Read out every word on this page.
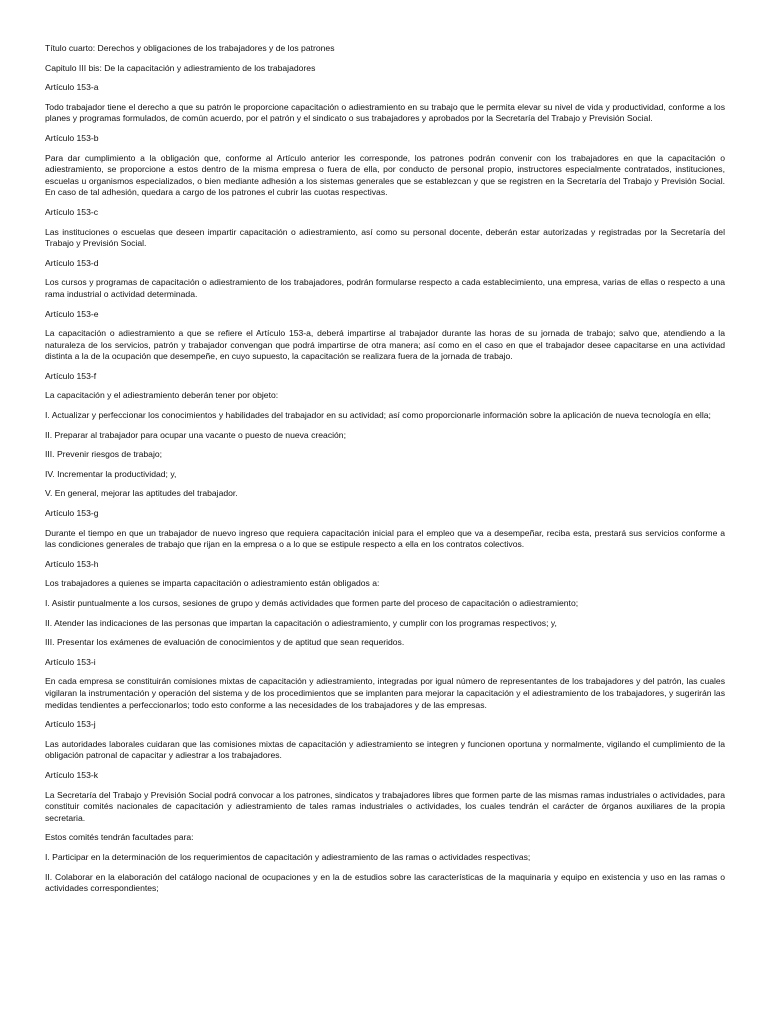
Título cuarto: Derechos y obligaciones de los trabajadores y de los patrones

Capitulo III bis: De la capacitación y adiestramiento de los trabajadores

Artículo 153-a

Todo trabajador tiene el derecho a que su patrón le proporcione capacitación o adiestramiento en su trabajo que le permita elevar su nivel de vida y productividad, conforme a los planes y programas formulados, de común acuerdo, por el patrón y el sindicato o sus trabajadores y aprobados por la Secretaría del Trabajo y Previsión Social.

Artículo 153-b

Para dar cumplimiento a la obligación que, conforme al Artículo anterior les corresponde, los patrones podrán convenir con los trabajadores en que la capacitación o adiestramiento, se proporcione a estos dentro de la misma empresa o fuera de ella, por conducto de personal propio, instructores especialmente contratados, instituciones, escuelas u organismos especializados, o bien mediante adhesión a los sistemas generales que se establezcan y que se registren en la Secretaría del Trabajo y Previsión Social. En caso de tal adhesión, quedara a cargo de los patrones el cubrir las cuotas respectivas.

Artículo 153-c

Las instituciones o escuelas que deseen impartir capacitación o adiestramiento, así como su personal docente, deberán estar autorizadas y registradas por la Secretaría del Trabajo y Previsión Social.

Artículo 153-d

Los cursos y programas de capacitación o adiestramiento de los trabajadores, podrán formularse respecto a cada establecimiento, una empresa, varias de ellas o respecto a una rama industrial o actividad determinada.

Artículo 153-e

La capacitación o adiestramiento a que se refiere el Artículo 153-a, deberá impartirse al trabajador durante las horas de su jornada de trabajo; salvo que, atendiendo a la naturaleza de los servicios, patrón y trabajador convengan que podrá impartirse de otra manera; así como en el caso en que el trabajador desee capacitarse en una actividad distinta a la de la ocupación que desempeñe, en cuyo supuesto, la capacitación se realizara fuera de la jornada de trabajo.

Artículo 153-f

La capacitación y el adiestramiento deberán tener por objeto:

I. Actualizar y perfeccionar los conocimientos y habilidades del trabajador en su actividad; así como proporcionarle información sobre la aplicación de nueva tecnología en ella;

II. Preparar al trabajador para ocupar una vacante o puesto de nueva creación;

III. Prevenir riesgos de trabajo;

IV. Incrementar la productividad; y,

V. En general, mejorar las aptitudes del trabajador.

Artículo 153-g

Durante el tiempo en que un trabajador de nuevo ingreso que requiera capacitación inicial para el empleo que va a desempeñar, reciba esta, prestará sus servicios conforme a las condiciones generales de trabajo que rijan en la empresa o a lo que se estipule respecto a ella en los contratos colectivos.

Artículo 153-h

Los trabajadores a quienes se imparta capacitación o adiestramiento están obligados a:

I. Asistir puntualmente a los cursos, sesiones de grupo y demás actividades que formen parte del proceso de capacitación o adiestramiento;

II. Atender las indicaciones de las personas que impartan la capacitación o adiestramiento, y cumplir con los programas respectivos; y,

III. Presentar los exámenes de evaluación de conocimientos y de aptitud que sean requeridos.

Artículo 153-i

En cada empresa se constituirán comisiones mixtas de capacitación y adiestramiento, integradas por igual número de representantes de los trabajadores y del patrón, las cuales vigilaran la instrumentación y operación del sistema y de los procedimientos que se implanten para mejorar la capacitación y el adiestramiento de los trabajadores, y sugerirán las medidas tendientes a perfeccionarlos; todo esto conforme a las necesidades de los trabajadores y de las empresas.

Artículo 153-j

Las autoridades laborales cuidaran que las comisiones mixtas de capacitación y adiestramiento se integren y funcionen oportuna y normalmente, vigilando el cumplimiento de la obligación patronal de capacitar y adiestrar a los trabajadores.

Artículo 153-k

La Secretaría del Trabajo y Previsión Social podrá convocar a los patrones, sindicatos y trabajadores libres que formen parte de las mismas ramas industriales o actividades, para constituir comités nacionales de capacitación y adiestramiento de tales ramas industriales o actividades, los cuales tendrán el carácter de órganos auxiliares de la propia secretaria.

Estos comités tendrán facultades para:

I. Participar en la determinación de los requerimientos de capacitación y adiestramiento de las ramas o actividades respectivas;

II. Colaborar en la elaboración del catálogo nacional de ocupaciones y en la de estudios sobre las características de la maquinaria y equipo en existencia y uso en las ramas o actividades correspondientes;
